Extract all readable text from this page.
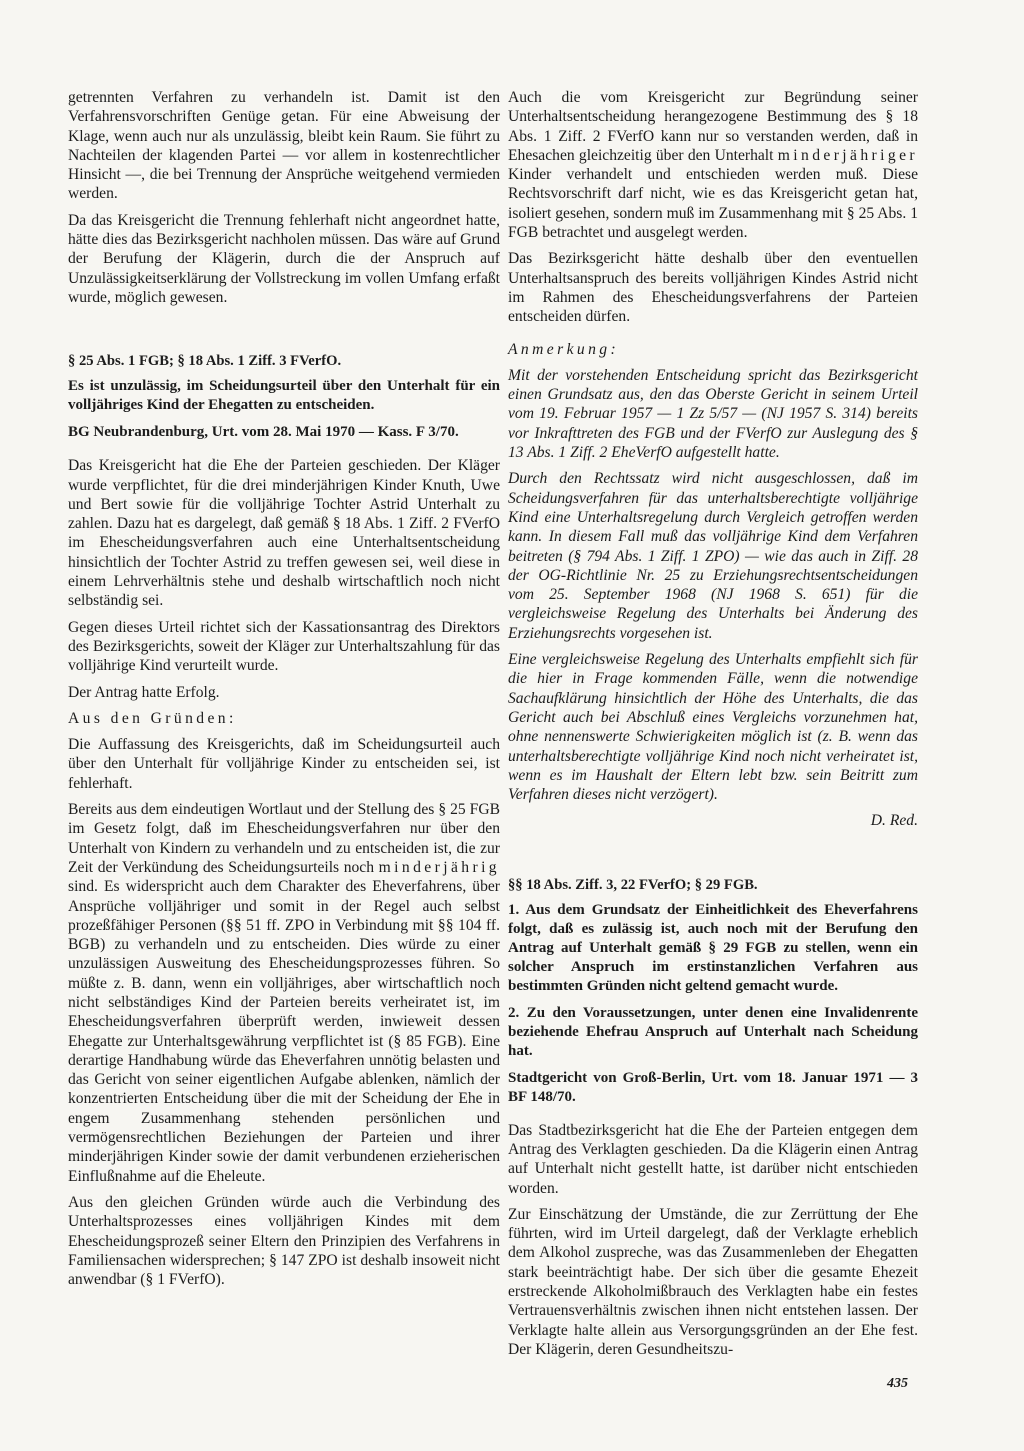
getrennten Verfahren zu verhandeln ist. Damit ist den Verfahrensvorschriften Genüge getan. Für eine Abweisung der Klage, wenn auch nur als unzulässig, bleibt kein Raum. Sie führt zu Nachteilen der klagenden Partei — vor allem in kostenrechtlicher Hinsicht —, die bei Trennung der Ansprüche weitgehend vermieden werden.

Da das Kreisgericht die Trennung fehlerhaft nicht angeordnet hatte, hätte dies das Bezirksgericht nachholen müssen. Das wäre auf Grund der Berufung der Klägerin, durch die der Anspruch auf Unzulässigkeitserklärung der Vollstreckung im vollen Umfang erfaßt wurde, möglich gewesen.

§ 25 Abs. 1 FGB; § 18 Abs. 1 Ziff. 3 FVerfO.

Es ist unzulässig, im Scheidungsurteil über den Unterhalt für ein volljähriges Kind der Ehegatten zu entscheiden.

BG Neubrandenburg, Urt. vom 28. Mai 1970 — Kass. F 3/70.

Das Kreisgericht hat die Ehe der Parteien geschieden. Der Kläger wurde verpflichtet, für die drei minderjährigen Kinder Knuth, Uwe und Bert sowie für die volljährige Tochter Astrid Unterhalt zu zahlen. Dazu hat es dargelegt, daß gemäß § 18 Abs. 1 Ziff. 2 FVerfO im Ehescheidungsverfahren auch eine Unterhaltsentscheidung hinsichtlich der Tochter Astrid zu treffen gewesen sei, weil diese in einem Lehrverhältnis stehe und deshalb wirtschaftlich noch nicht selbständig sei.

Gegen dieses Urteil richtet sich der Kassationsantrag des Direktors des Bezirksgerichts, soweit der Kläger zur Unterhaltszahlung für das volljährige Kind verurteilt wurde.

Der Antrag hatte Erfolg.

Aus den Gründen:

Die Auffassung des Kreisgerichts, daß im Scheidungsurteil auch über den Unterhalt für volljährige Kinder zu entscheiden sei, ist fehlerhaft.

Bereits aus dem eindeutigen Wortlaut und der Stellung des § 25 FGB im Gesetz folgt, daß im Ehescheidungsverfahren nur über den Unterhalt von Kindern zu verhandeln und zu entscheiden ist, die zur Zeit der Verkündung des Scheidungsurteils noch minderjährig sind. Es widerspricht auch dem Charakter des Eheverfahrens, über Ansprüche volljähriger und somit in der Regel auch selbst prozeßfähiger Personen (§§ 51 ff. ZPO in Verbindung mit §§ 104 ff. BGB) zu verhandeln und zu entscheiden. Dies würde zu einer unzulässigen Ausweitung des Ehescheidungsprozesses führen. So müßte z. B. dann, wenn ein volljähriges, aber wirtschaftlich noch nicht selbständiges Kind der Parteien bereits verheiratet ist, im Ehescheidungsverfahren überprüft werden, inwieweit dessen Ehegatte zur Unterhaltsgewährung verpflichtet ist (§ 85 FGB). Eine derartige Handhabung würde das Eheverfahren unnötig belasten und das Gericht von seiner eigentlichen Aufgabe ablenken, nämlich der konzentrierten Entscheidung über die mit der Scheidung der Ehe in engem Zusammenhang stehenden persönlichen und vermögensrechtlichen Beziehungen der Parteien und ihrer minderjährigen Kinder sowie der damit verbundenen erzieherischen Einflußnahme auf die Eheleute.

Aus den gleichen Gründen würde auch die Verbindung des Unterhaltsprozesses eines volljährigen Kindes mit dem Ehescheidungsprozeß seiner Eltern den Prinzipien des Verfahrens in Familiensachen widersprechen; § 147 ZPO ist deshalb insoweit nicht anwendbar (§ 1 FVerfO).

Auch die vom Kreisgericht zur Begründung seiner Unterhaltsentscheidung herangezogene Bestimmung des § 18 Abs. 1 Ziff. 2 FVerfO kann nur so verstanden werden, daß in Ehesachen gleichzeitig über den Unterhalt minderjähriger Kinder verhandelt und entschieden werden muß. Diese Rechtsvorschrift darf nicht, wie es das Kreisgericht getan hat, isoliert gesehen, sondern muß im Zusammenhang mit § 25 Abs. 1 FGB betrachtet und ausgelegt werden.

Das Bezirksgericht hätte deshalb über den eventuellen Unterhaltsanspruch des bereits volljährigen Kindes Astrid nicht im Rahmen des Ehescheidungsverfahrens der Parteien entscheiden dürfen.

Anmerkung:

Mit der vorstehenden Entscheidung spricht das Bezirksgericht einen Grundsatz aus, den das Oberste Gericht in seinem Urteil vom 19. Februar 1957 — 1 Zz 5/57 — (NJ 1957 S. 314) bereits vor Inkrafttreten des FGB und der FVerfO zur Auslegung des § 13 Abs. 1 Ziff. 2 EheVerfO aufgestellt hatte.

Durch den Rechtssatz wird nicht ausgeschlossen, daß im Scheidungsverfahren für das unterhaltsberechtigte volljährige Kind eine Unterhaltsregelung durch Vergleich getroffen werden kann. In diesem Fall muß das volljährige Kind dem Verfahren beitreten (§ 794 Abs. 1 Ziff. 1 ZPO) — wie das auch in Ziff. 28 der OG-Richtlinie Nr. 25 zu Erziehungsrechtsentscheidungen vom 25. September 1968 (NJ 1968 S. 651) für die vergleichsweise Regelung des Unterhalts bei Änderung des Erziehungsrechts vorgesehen ist.

Eine vergleichsweise Regelung des Unterhalts empfiehlt sich für die hier in Frage kommenden Fälle, wenn die notwendige Sachaufklärung hinsichtlich der Höhe des Unterhalts, die das Gericht auch bei Abschluß eines Vergleichs vorzunehmen hat, ohne nennenswerte Schwierigkeiten möglich ist (z. B. wenn das unterhaltsberechtigte volljährige Kind noch nicht verheiratet ist, wenn es im Haushalt der Eltern lebt bzw. sein Beitritt zum Verfahren dieses nicht verzögert).

D. Red.

§§ 18 Abs. Ziff. 3, 22 FVerfO; § 29 FGB.

1. Aus dem Grundsatz der Einheitlichkeit des Eheverfahrens folgt, daß es zulässig ist, auch noch mit der Berufung den Antrag auf Unterhalt gemäß § 29 FGB zu stellen, wenn ein solcher Anspruch im erstinstanzlichen Verfahren aus bestimmten Gründen nicht geltend gemacht wurde.

2. Zu den Voraussetzungen, unter denen eine Invalidenrente beziehende Ehefrau Anspruch auf Unterhalt nach Scheidung hat.

Stadtgericht von Groß-Berlin, Urt. vom 18. Januar 1971 — 3 BF 148/70.

Das Stadtbezirksgericht hat die Ehe der Parteien entgegen dem Antrag des Verklagten geschieden. Da die Klägerin einen Antrag auf Unterhalt nicht gestellt hatte, ist darüber nicht entschieden worden.

Zur Einschätzung der Umstände, die zur Zerrüttung der Ehe führten, wird im Urteil dargelegt, daß der Verklagte erheblich dem Alkohol zuspreche, was das Zusammenleben der Ehegatten stark beeinträchtigt habe. Der sich über die gesamte Ehezeit erstreckende Alkoholmißbrauch des Verklagten habe ein festes Vertrauensverhältnis zwischen ihnen nicht entstehen lassen. Der Verklagte halte allein aus Versorgungsgründen an der Ehe fest. Der Klägerin, deren Gesundheitszu-

435
